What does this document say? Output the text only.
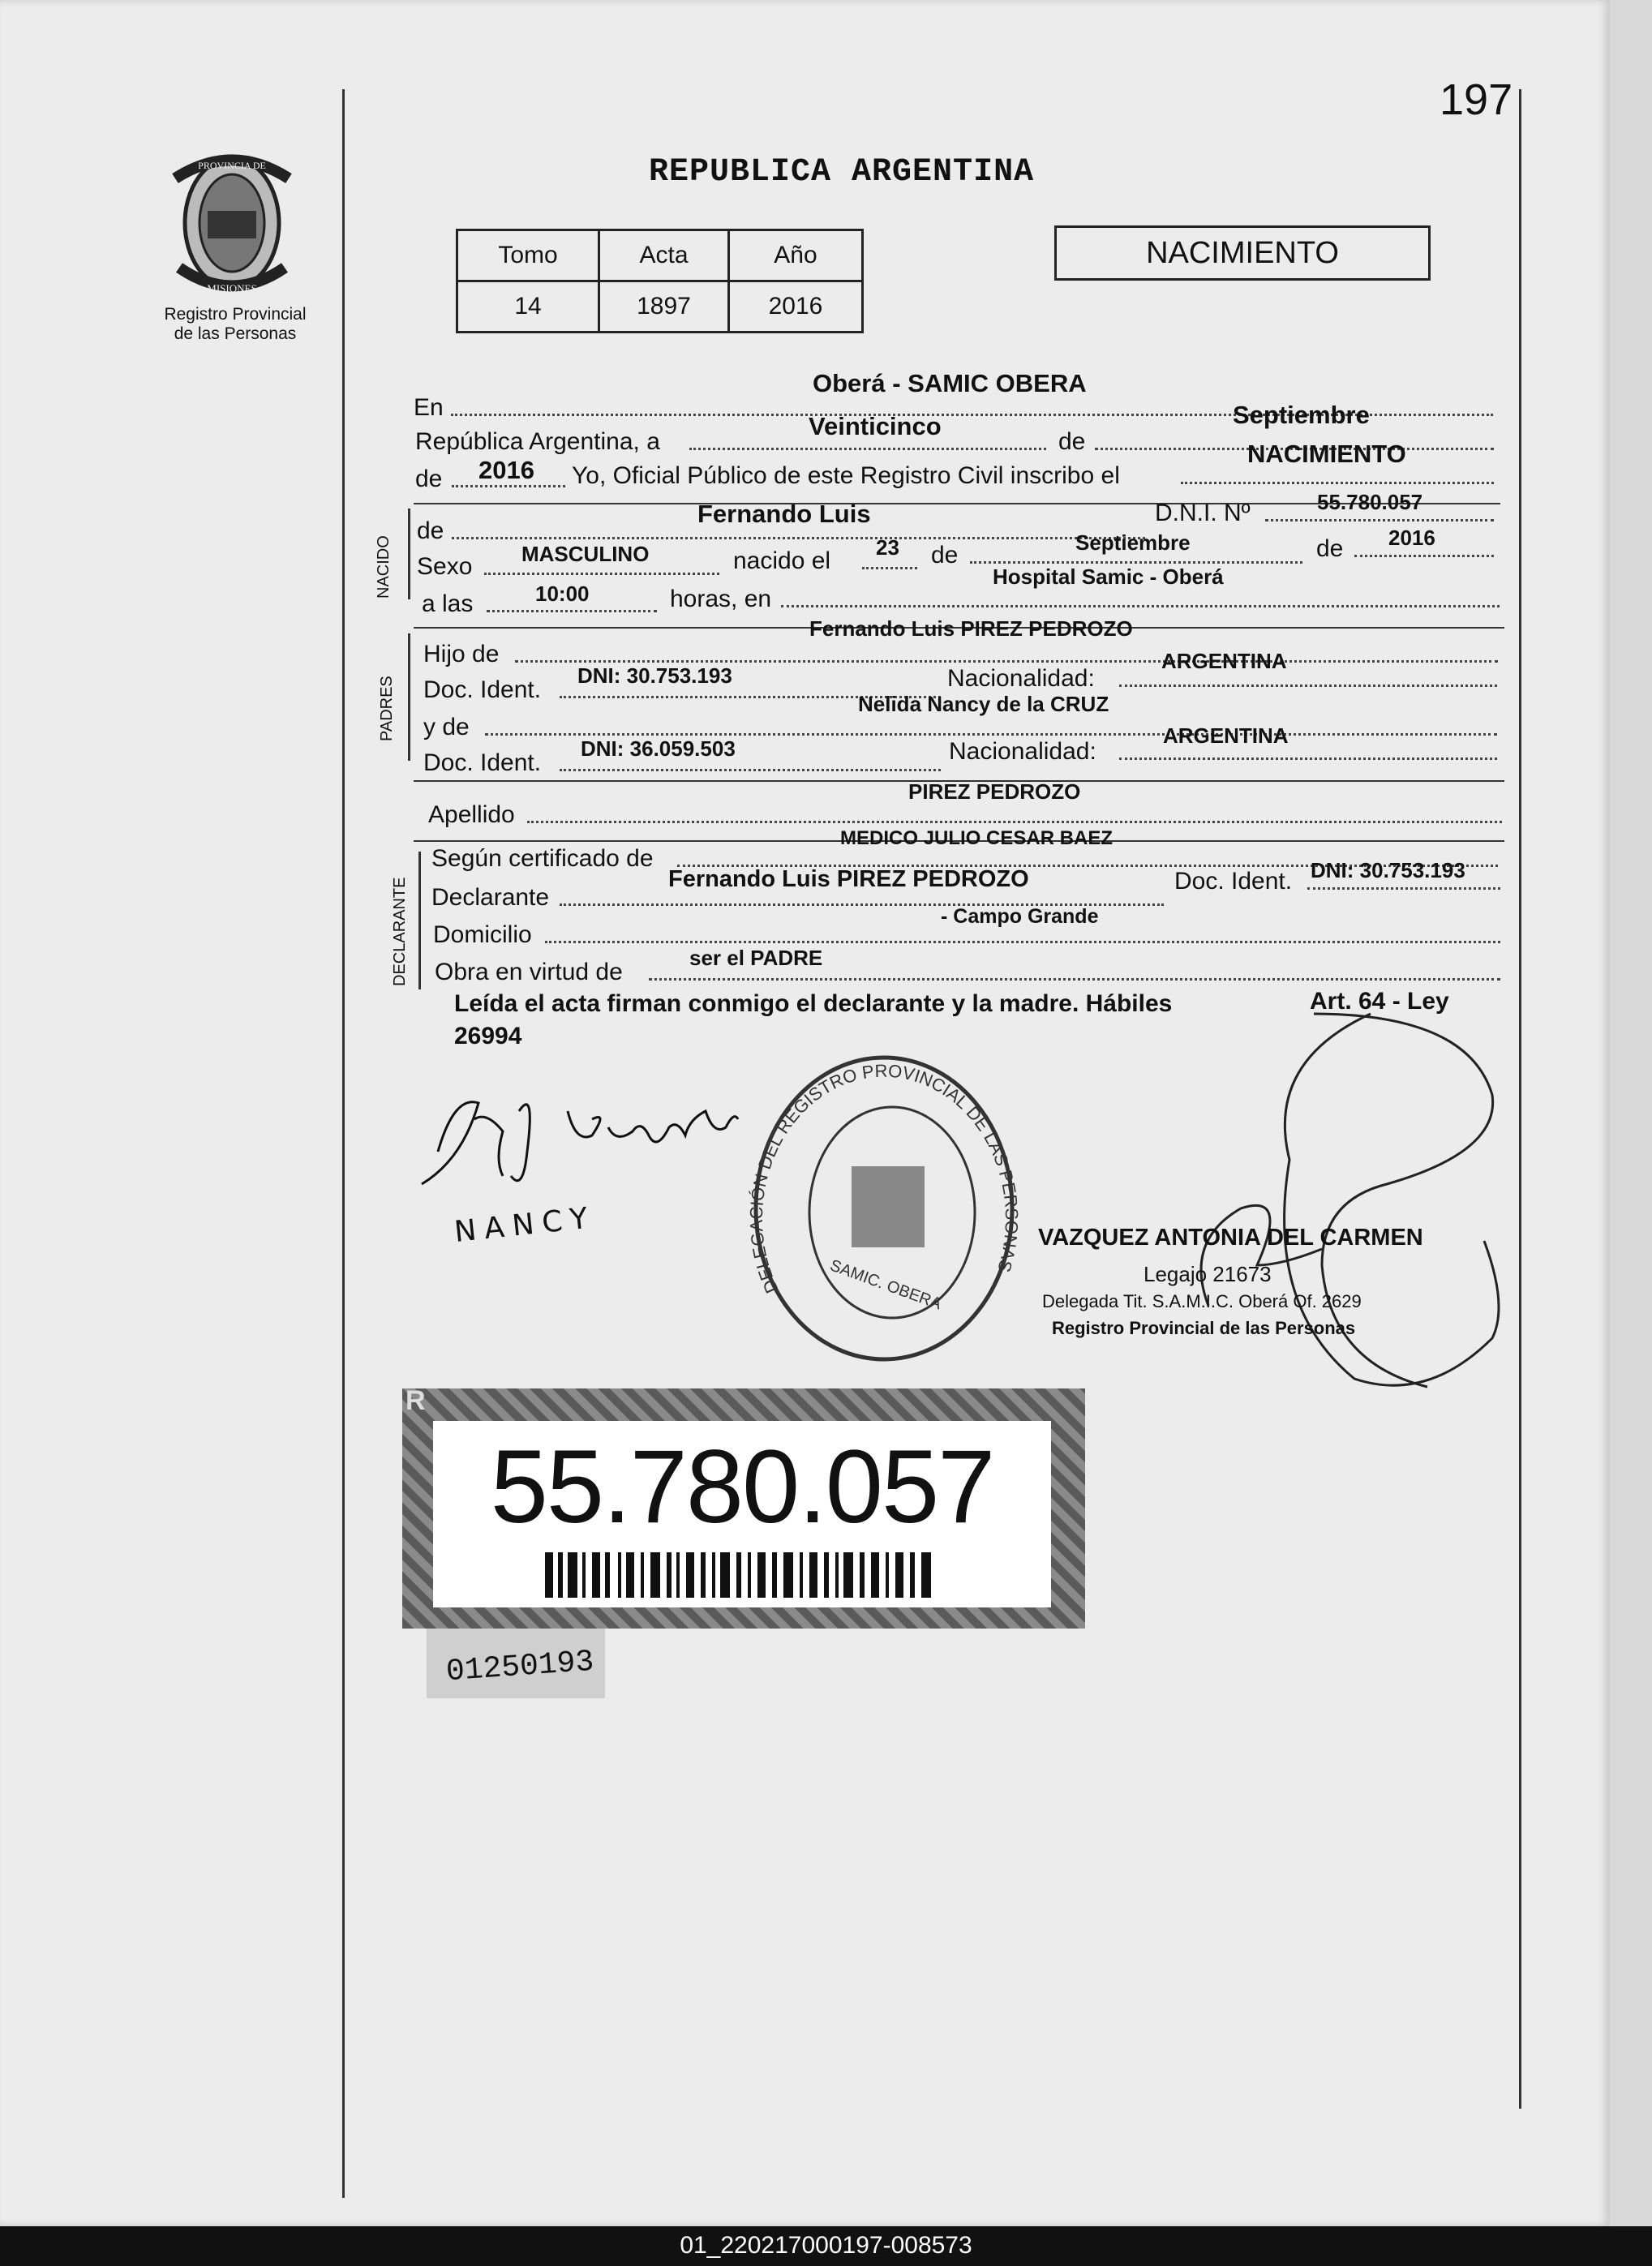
197
PROVINCIA DE
MISIONES
Registro Provincial
de las Personas
REPUBLICA ARGENTINA
Tomo	Acta	Año
14	1897	2016
NACIMIENTO
En
Oberá - SAMIC OBERA
República Argentina, a
Veinticinco
de
Septiembre
de 2016 Yo, Oficial Público de este Registro Civil inscribo el
NACIMIENTO
NACIDO
de
Fernando Luis	D.N.I. Nº	55.780.057
Sexo MASCULINO	nacido el 23 de	Septiembre	de 2016
a las	10:00	horas, en
Hospital Samic - Oberá
PADRES
Hijo de
Fernando Luis PIREZ PEDROZO
Doc. Ident.
DNI: 30.753.193	Nacionalidad:
ARGENTINA
y de
Nelida Nancy de la CRUZ
Doc. Ident.
DNI: 36.059.503	Nacionalidad:
ARGENTINA
Apellido
PIREZ PEDROZO
DECLARANTE
Según certificado de
MEDICO JULIO CESAR BAEZ
Declarante
Fernando Luis PIREZ PEDROZO	Doc. Ident. DNI: 30.753.193
Domicilio
- Campo Grande
Obra en virtud de
ser el PADRE
Leída el acta firman conmigo el declarante y la madre. Hábiles
26994
Art. 64 - Ley
NANCY
DELEGACIÓN DEL REGISTRO PROVINCIAL DE LAS PERSONAS
SAMIC. OBERA
VAZQUEZ ANTONIA DEL CARMEN
Legajo 21673
Delegada Tit. S.A.M.I.C. Oberá Of. 2629
Registro Provincial de las Personas
R
55.780.057
01250193
01_220217000197-008573
